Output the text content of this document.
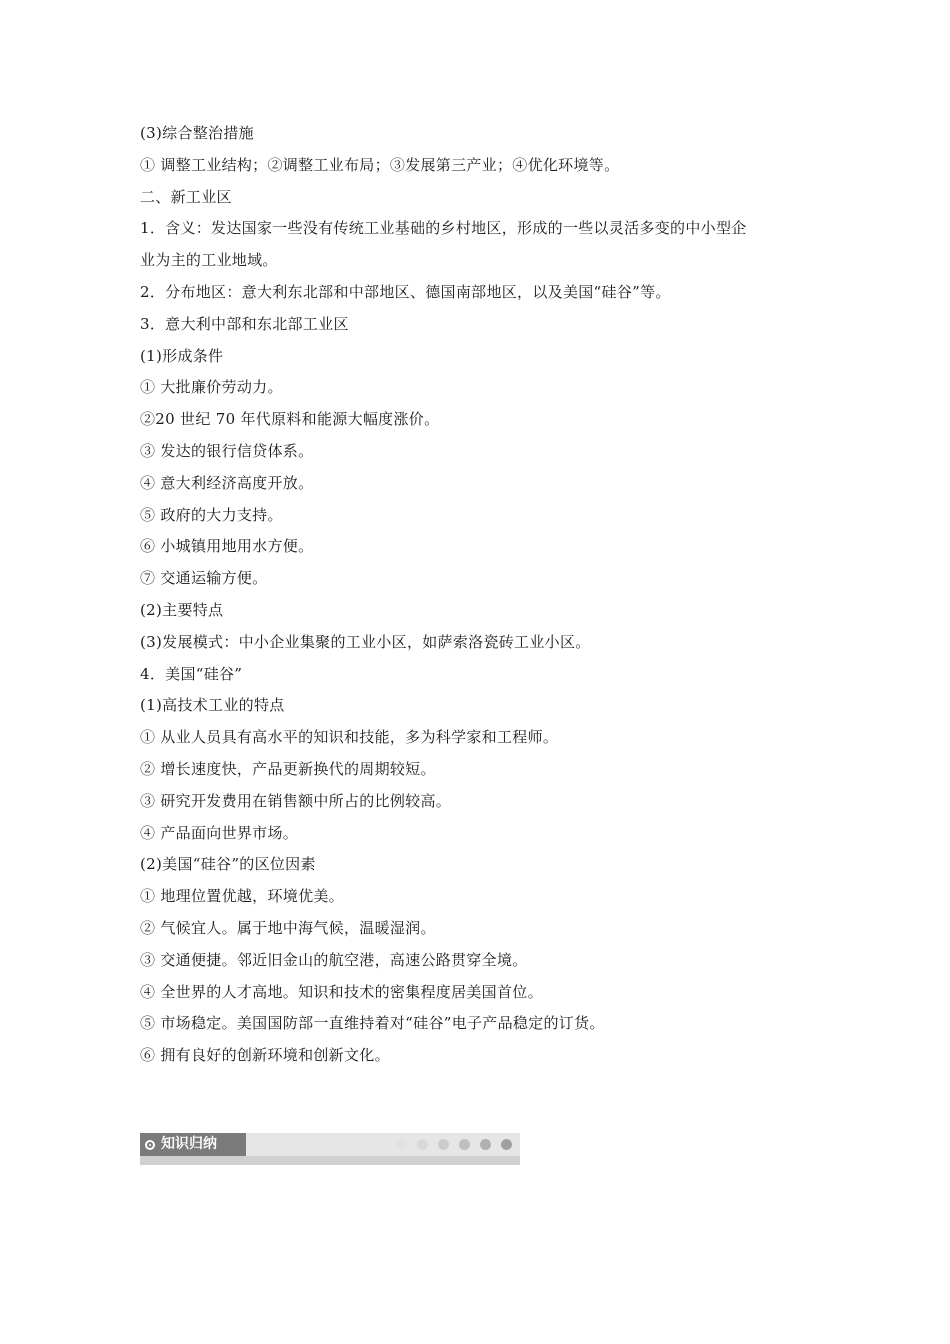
(3)综合整治措施
① 调整工业结构；②调整工业布局；③发展第三产业；④优化环境等。
二、新工业区
1．含义：发达国家一些没有传统工业基础的乡村地区，形成的一些以灵活多变的中小型企
业为主的工业地域。
2．分布地区：意大利东北部和中部地区、德国南部地区，以及美国“硅谷”等。
3．意大利中部和东北部工业区
(1)形成条件
① 大批廉价劳动力。
②20 世纪 70 年代原料和能源大幅度涨价。
③ 发达的银行信贷体系。
④ 意大利经济高度开放。
⑤ 政府的大力支持。
⑥ 小城镇用地用水方便。
⑦ 交通运输方便。
(2)主要特点
(3)发展模式：中小企业集聚的工业小区，如萨索洛瓷砖工业小区。
4．美国“硅谷”
(1)高技术工业的特点
① 从业人员具有高水平的知识和技能，多为科学家和工程师。
② 增长速度快，产品更新换代的周期较短。
③ 研究开发费用在销售额中所占的比例较高。
④ 产品面向世界市场。
(2)美国“硅谷”的区位因素
① 地理位置优越，环境优美。
② 气候宜人。属于地中海气候，温暖湿润。
③ 交通便捷。邻近旧金山的航空港，高速公路贯穿全境。
④ 全世界的人才高地。知识和技术的密集程度居美国首位。
⑤ 市场稳定。美国国防部一直维持着对“硅谷”电子产品稳定的订货。
⑥ 拥有良好的创新环境和创新文化。
知识归纳
